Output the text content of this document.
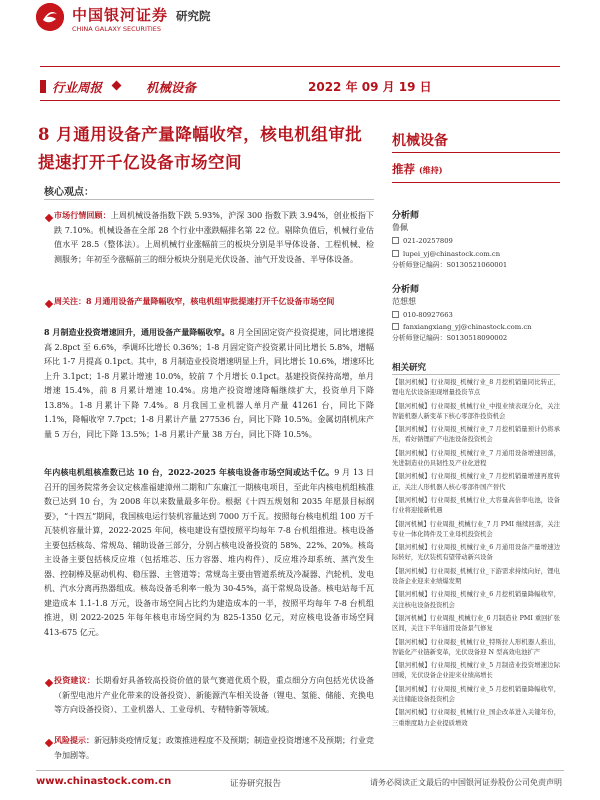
中国银河证券
CHINA GALAXY SECURITIES
研究院
行业周报	机械设备	2022 年 09 月 19 日
8 月通用设备产量降幅收窄，核电机组审批提速打开千亿设备市场空间
核心观点：
市场行情回顾：上周机械设备指数下跌 5.93%，沪深 300 指数下跌 3.94%，创业板指下跌 7.10%。机械设备在全部 28 个行业中涨跌幅排名第 22 位。剔除负值后，机械行业估值水平 28.5（整体法）。上周机械行业涨幅前三的板块分别是半导体设备、工程机械、检测服务；年初至今涨幅前三的细分板块分别是光伏设备、油气开发设备、半导体设备。
周关注：8 月通用设备产量降幅收窄，核电机组审批提速打开千亿设备市场空间
8 月制造业投资增速回升，通用设备产量降幅收窄。8 月全国固定资产投资提速，同比增速提高 2.8pct 至 6.6%，季调环比增长 0.36%；1-8 月固定资产投资累计同比增长 5.8%，增幅环比 1-7 月提高 0.1pct。其中，8 月制造业投资增速明显上升，同比增长 10.6%，增速环比上升 3.1pct；1-8 月累计增速 10.0%，较前 7 个月增长 0.1pct。基建投资保持高增，单月增速 15.4%，前 8 月累计增速 10.4%。房地产投资增速降幅继续扩大，投资单月下降 13.8%。1-8 月累计下降 7.4%。8 月我国工业机器人单月产量 41261 台，同比下降 1.1%，降幅收窄 7.7pct；1-8 月累计产量 277536 台，同比下降 10.5%。金属切削机床产量 5 万台，同比下降 13.5%；1-8 月累计产量 38 万台，同比下降 10.5%。
年内核电机组核准数已达 10 台，2022-2025 年核电设备市场空间或达千亿。9 月 13 日召开的国务院常务会议定核准福建漳州二期和广东廉江一期核电项目，至此年内核电机组核准数已达到 10 台，为 2008 年以来数量最多年份。根据《十四五规划和 2035 年愿景目标纲要》，“十四五”期间，我国核电运行装机容量达到 7000 万千瓦。按照每台核电机组 100 万千瓦装机容量计算，2022-2025 年间，核电建设有望按照平均每年 7-8 台机组推进。核电设备主要包括核岛、常规岛、辅助设备三部分，分别占核电设备投资的 58%、22%、20%。核岛主设备主要包括核反应堆（包括堆芯、压力容器、堆内构件）、反应堆冷却系统、蒸汽发生器、控制棒及驱动机构、稳压器、主管道等；常规岛主要由管道系统及冷凝器、汽轮机、发电机、汽水分离再热器组成。核岛设备毛利率一般为 30-45%，高于常规岛设备。核电站每千瓦建造成本 1.1-1.8 万元，设备市场空间占比约为建造成本的一半，按照平均每年 7-8 台机组推进，则 2022-2025 年每年核电市场空间约为 825-1350 亿元，对应核电设备市场空间 413-675 亿元。
投资建议：长期看好具备较高投资价值的景气赛道优质个股，重点细分方向包括光伏设备（新型电池片产业化带来的设备投资）、新能源汽车相关设备（锂电、氢能、储能、充换电等方向设备投资）、工业机器人、工业母机、专精特新等领域。
风险提示：新冠肺炎疫情反复；政策推进程度不及预期；制造业投资增速不及预期；行业竞争加剧等。
机械设备
推荐 (维持)
分析师
鲁佩
021-20257809
lupei_yj@chinastock.com.cn
分析师登记编码：S0130521060001
分析师
范想想
010-80927663
fanxiangxiang_yj@chinastock.com.cn
分析师登记编码：S0130518090002
相关研究
【银河机械】行业周报_机械行业_8 月挖机销量同比转正，锂电光伏设备迎现增量投资节点
【银河机械】行业周报_机械行业_中报业绩表现分化，关注智能机器人新变革下核心零部件投资机会
【银河机械】行业周报_机械行业_7 月挖机销量预计仍将承压，看好钠锂矿产电池设备投资机会
【银河机械】行业周报_机械行业_7 月通用设备增速回落，先进制造业仍具韧性及产业化进程
【银河机械】行业周报_机械行业_7 月挖机销量增速再度转正，关注人形机器人核心零部件国产替代
【银河机械】行业周报_机械行业_大容量高倍率电池，设备行业将迎接新机遇
【银河机械】行业周报_机械行业_7 月 PMI 继续回落，关注专业一体化铸件及工业母机投资机会
【银河机械】行业周报_机械行业_6 月通用设备产量增速边际转好，光伏装机有望带动新兴设备
【银河机械】行业周报_机械行业_下游需求持续向好，锂电设备企业迎来业绩爆发期
【银河机械】行业周报_机械行业_6 月挖机销量降幅收窄，关注核电设备投资机会
【银河机械】行业周报_机械行业_6 月制造业 PMI 重回扩张区间，关注下半年通用设备景气修复
【银河机械】行业周报_机械行业_特斯拉人形机器人推出，智能化产业链新变革，光伏设备迎 N 型高效电池扩产
【银河机械】行业周报_机械行业_5 月制造业投资增速边际回暖，光伏设备企业迎来业绩高增长
【银河机械】行业周报_机械行业_5 月挖机销量降幅收窄，关注储能设备投资机会
【银河机械】行业周报_机械行业_国企改革进入关键年份，三重维度助力企业提质增效
www.chinastock.com.cn	证券研究报告	请务必阅读正文最后的中国银河证券股份公司免责声明
